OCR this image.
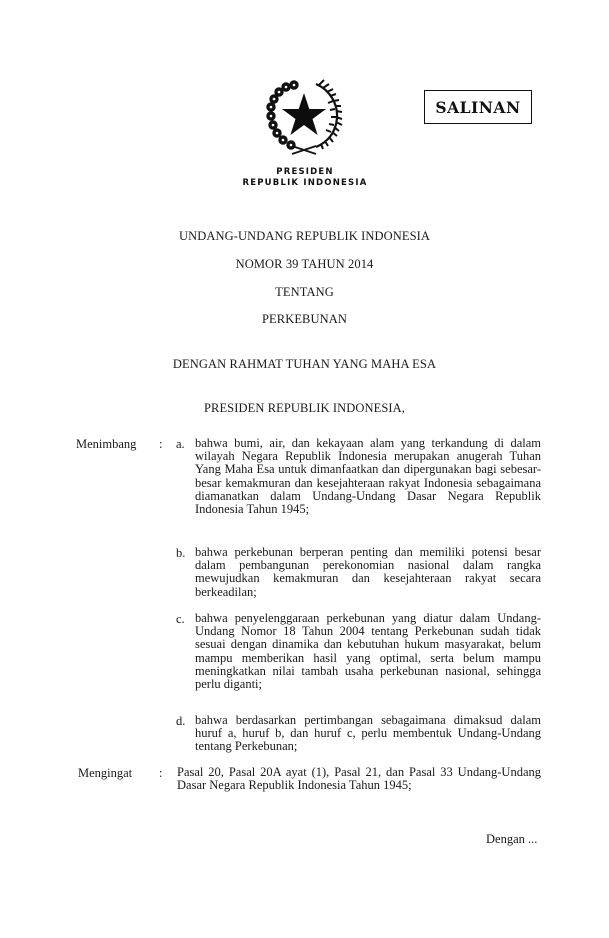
SALINAN
PRESIDEN
REPUBLIK INDONESIA
UNDANG-UNDANG REPUBLIK INDONESIA
NOMOR 39 TAHUN 2014
TENTANG
PERKEBUNAN
DENGAN RAHMAT TUHAN YANG MAHA ESA
PRESIDEN REPUBLIK INDONESIA,
Menimbang : a. bahwa bumi, air, dan kekayaan alam yang terkandung di dalam wilayah Negara Republik Indonesia merupakan anugerah Tuhan Yang Maha Esa untuk dimanfaatkan dan dipergunakan bagi sebesar-besar kemakmuran dan kesejahteraan rakyat Indonesia sebagaimana diamanatkan dalam Undang-Undang Dasar Negara Republik Indonesia Tahun 1945;
b. bahwa perkebunan berperan penting dan memiliki potensi besar dalam pembangunan perekonomian nasional dalam rangka mewujudkan kemakmuran dan kesejahteraan rakyat secara berkeadilan;
c. bahwa penyelenggaraan perkebunan yang diatur dalam Undang-Undang Nomor 18 Tahun 2004 tentang Perkebunan sudah tidak sesuai dengan dinamika dan kebutuhan hukum masyarakat, belum mampu memberikan hasil yang optimal, serta belum mampu meningkatkan nilai tambah usaha perkebunan nasional, sehingga perlu diganti;
d. bahwa berdasarkan pertimbangan sebagaimana dimaksud dalam huruf a, huruf b, dan huruf c, perlu membentuk Undang-Undang tentang Perkebunan;
Mengingat : Pasal 20, Pasal 20A ayat (1), Pasal 21, dan Pasal 33 Undang-Undang Dasar Negara Republik Indonesia Tahun 1945;
Dengan ...
